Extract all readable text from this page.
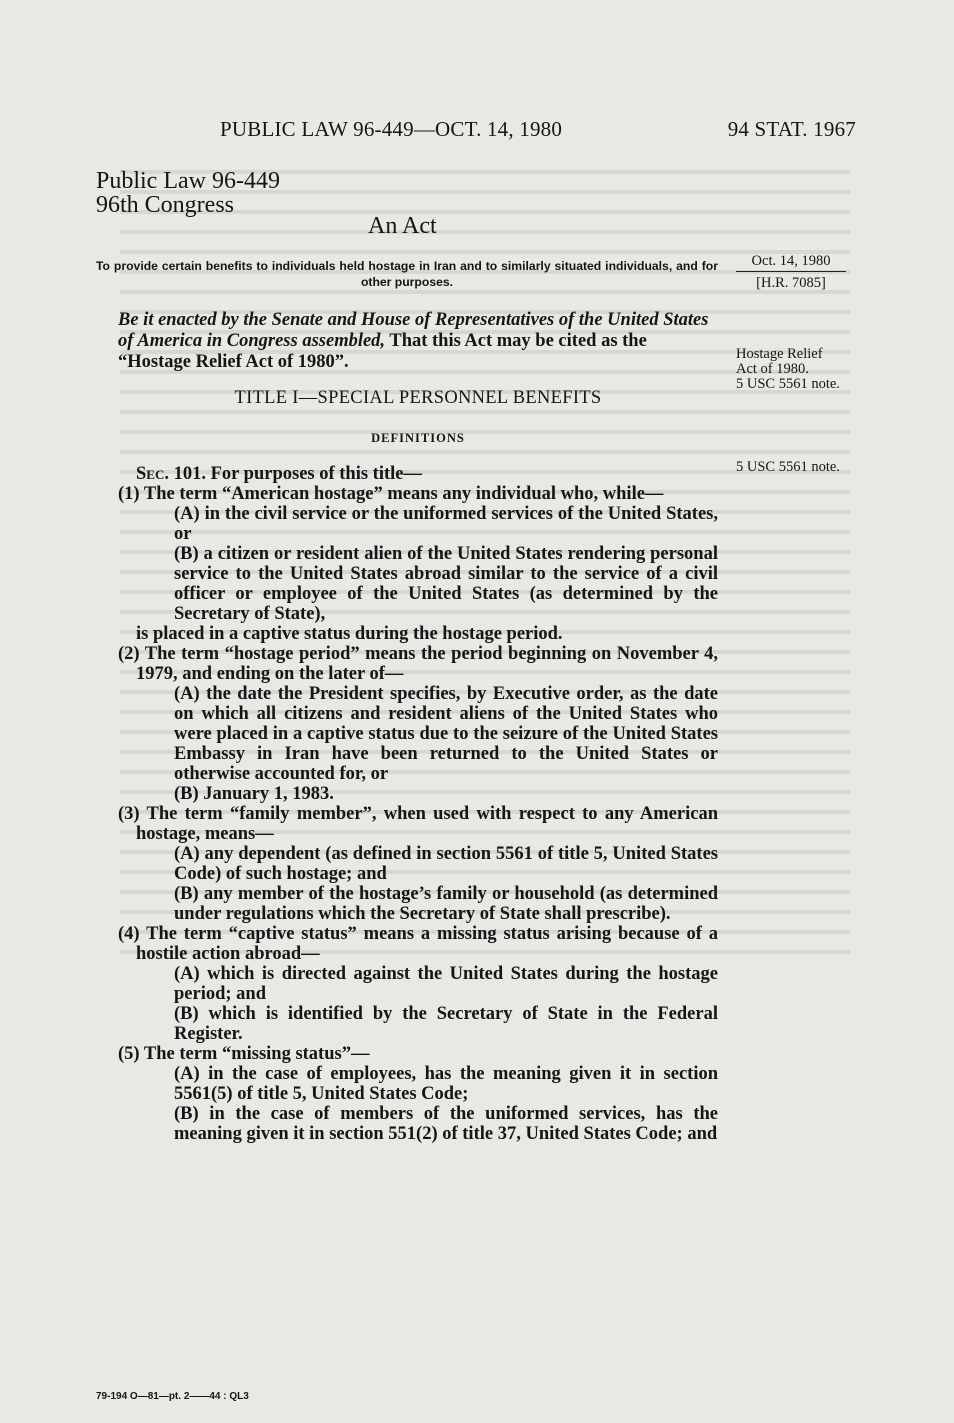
PUBLIC LAW 96-449—OCT. 14, 1980	94 STAT. 1967
Public Law 96-449
96th Congress
An Act
To provide certain benefits to individuals held hostage in Iran and to similarly situated individuals, and for other purposes.
Be it enacted by the Senate and House of Representatives of the United States of America in Congress assembled, That this Act may be cited as the “Hostage Relief Act of 1980”.
TITLE I—SPECIAL PERSONNEL BENEFITS
DEFINITIONS

Sec. 101. For purposes of this title—

(1) The term “American hostage” means any individual who, while—

(A) in the civil service or the uniformed services of the United States, or

(B) a citizen or resident alien of the United States rendering personal service to the United States abroad similar to the service of a civil officer or employee of the United States (as determined by the Secretary of State),

is placed in a captive status during the hostage period.

(2) The term “hostage period” means the period beginning on November 4, 1979, and ending on the later of—

(A) the date the President specifies, by Executive order, as the date on which all citizens and resident aliens of the United States who were placed in a captive status due to the seizure of the United States Embassy in Iran have been returned to the United States or otherwise accounted for, or

(B) January 1, 1983.

(3) The term “family member”, when used with respect to any American hostage, means—

(A) any dependent (as defined in section 5561 of title 5, United States Code) of such hostage; and

(B) any member of the hostage’s family or household (as determined under regulations which the Secretary of State shall prescribe).

(4) The term “captive status” means a missing status arising because of a hostile action abroad—

(A) which is directed against the United States during the hostage period; and

(B) which is identified by the Secretary of State in the Federal Register.

(5) The term “missing status”—

(A) in the case of employees, has the meaning given it in section 5561(5) of title 5, United States Code;

(B) in the case of members of the uniformed services, has the meaning given it in section 551(2) of title 37, United States Code; and

Oct. 14, 1980
[H.R. 7085]
Hostage Relief
Act of 1980.
5 USC 5561 note.
5 USC 5561 note.
79-194 O—81—pt. 2——44 : QL3
